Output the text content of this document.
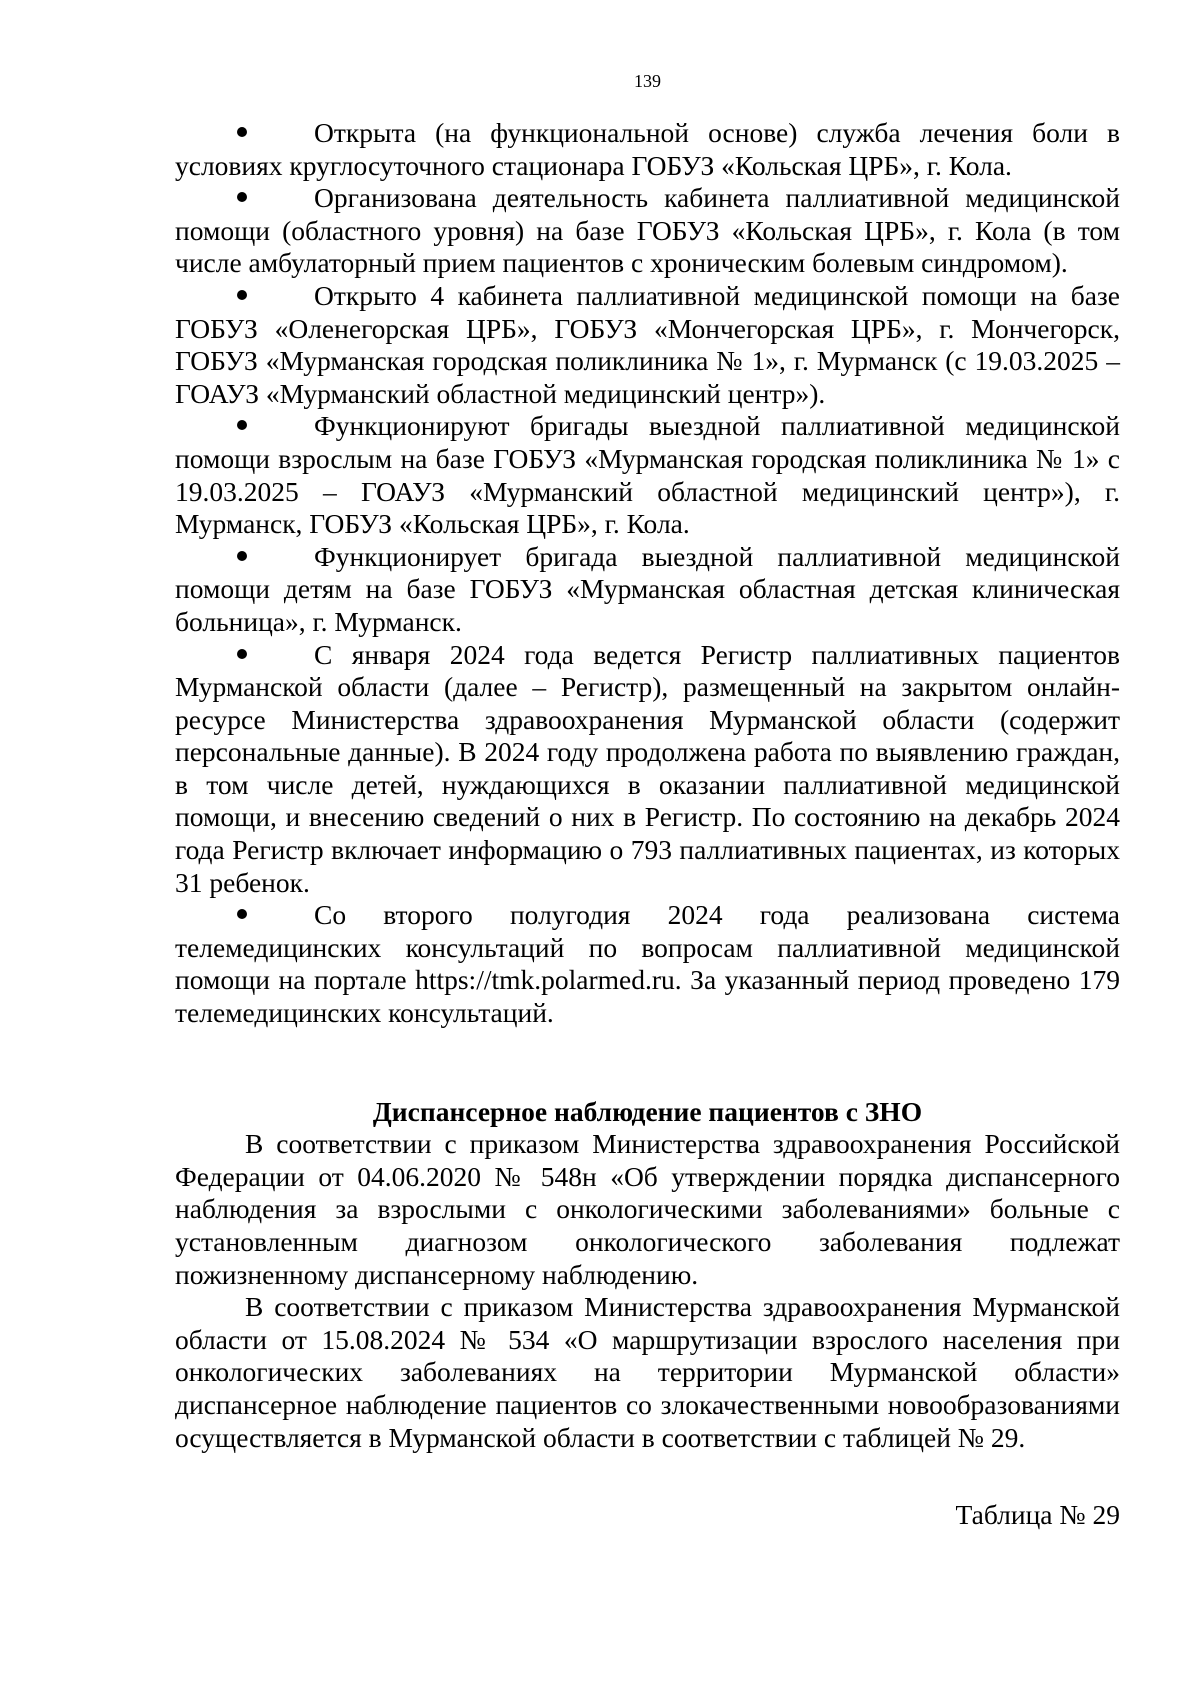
139

Открыта (на функциональной основе) служба лечения боли в условиях круглосуточного стационара ГОБУЗ «Кольская ЦРБ», г. Кола.

Организована деятельность кабинета паллиативной медицинской помощи (областного уровня) на базе ГОБУЗ «Кольская ЦРБ», г. Кола (в том числе амбулаторный прием пациентов с хроническим болевым синдромом).

Открыто 4 кабинета паллиативной медицинской помощи на базе ГОБУЗ «Оленегорская ЦРБ», ГОБУЗ «Мончегорская ЦРБ», г. Мончегорск, ГОБУЗ «Мурманская городская поликлиника № 1», г. Мурманск (с 19.03.2025 – ГОАУЗ «Мурманский областной медицинский центр»).

Функционируют бригады выездной паллиативной медицинской помощи взрослым на базе ГОБУЗ «Мурманская городская поликлиника № 1» с 19.03.2025 – ГОАУЗ «Мурманский областной медицинский центр»), г. Мурманск, ГОБУЗ «Кольская ЦРБ», г. Кола.

Функционирует бригада выездной паллиативной медицинской помощи детям на базе ГОБУЗ «Мурманская областная детская клиническая больница», г. Мурманск.

С января 2024 года ведется Регистр паллиативных пациентов Мурманской области (далее – Регистр), размещенный на закрытом онлайн-ресурсе Министерства здравоохранения Мурманской области (содержит персональные данные). В 2024 году продолжена работа по выявлению граждан, в том числе детей, нуждающихся в оказании паллиативной медицинской помощи, и внесению сведений о них в Регистр. По состоянию на декабрь 2024 года Регистр включает информацию о 793 паллиативных пациентах, из которых 31 ребенок.

Со второго полугодия 2024 года реализована система телемедицинских консультаций по вопросам паллиативной медицинской помощи на портале https://tmk.polarmed.ru. За указанный период проведено 179 телемедицинских консультаций.

Диспансерное наблюдение пациентов с ЗНО

В соответствии с приказом Министерства здравоохранения Российской Федерации от 04.06.2020 № 548н «Об утверждении порядка диспансерного наблюдения за взрослыми с онкологическими заболеваниями» больные с установленным диагнозом онкологического заболевания подлежат пожизненному диспансерному наблюдению.

В соответствии с приказом Министерства здравоохранения Мурманской области от 15.08.2024 № 534 «О маршрутизации взрослого населения при онкологических заболеваниях на территории Мурманской области» диспансерное наблюдение пациентов со злокачественными новообразованиями осуществляется в Мурманской области в соответствии с таблицей № 29.

Таблица № 29
